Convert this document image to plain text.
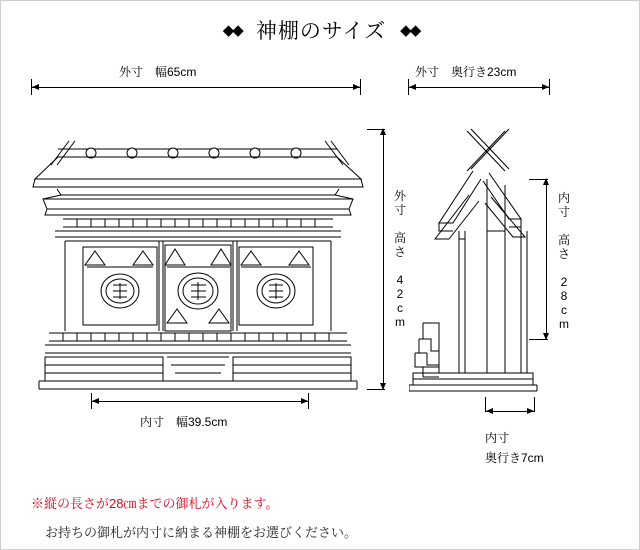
◆◆ 神棚のサイズ ◆◆
外寸　幅65cm	外寸　奥行き23cm
外
寸

高
さ

4
2
c
m
内
寸

高
さ

2
8
c
m
内寸　幅39.5cm
内寸
奥行き7cm
※縦の長さが28㎝までの御札が入ります。
お持ちの御札が内寸に納まる神棚をお選びください。
